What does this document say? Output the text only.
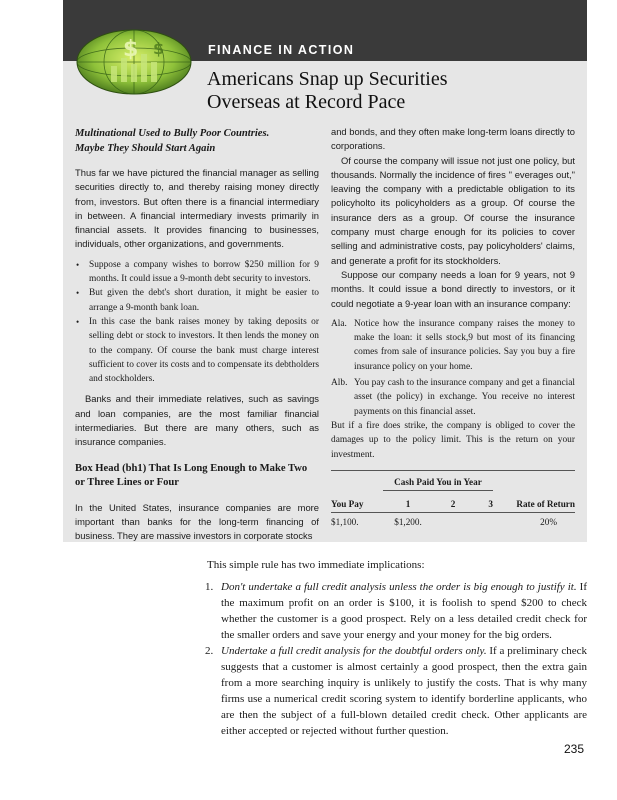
$ $	FINANCE IN ACTION
Americans Snap up Securities
Overseas at Record Pace
Multinational Used to Bully Poor Countries.
Maybe They Should Start Again

Thus far we have pictured the financial manager as selling securities directly to, and thereby raising money directly from, investors. But often there is a financial intermediary in between. A financial intermediary invests primarily in financial assets. It provides financing to businesses, individuals, other organizations, and governments.

• Suppose a company wishes to borrow $250 million for 9 months. It could issue a 9-month debt security to investors.
• But given the debt's short duration, it might be easier to arrange a 9-month bank loan.
• In this case the bank raises money by taking deposits or selling debt or stock to investors. It then lends the money on to the company. Of course the bank must charge interest sufficient to cover its costs and to compensate its debtholders and stockholders.

Banks and their immediate relatives, such as savings and loan companies, are the most familiar financial intermediaries. But there are many others, such as insurance companies.

Box Head (bh1) That Is Long Enough to Make Two or Three Lines or Four

In the United States, insurance companies are more important than banks for the long-term financing of business. They are massive investors in corporate stocks

and bonds, and they often make long-term loans directly to corporations.

Of course the company will issue not just one policy, but thousands. Normally the incidence of fires " everages out," leaving the company with a predictable obligation to its policyholto its policyholders as a group. Of course the insurance ders as a group. Of course the insurance company must charge enough for its policies to cover selling and administrative costs, pay policyholders' claims, and generate a profit for its stockholders.

Suppose our company needs a loan for 9 years, not 9 months. It could issue a bond directly to investors, or it could negotiate a 9-year loan with an insurance company:

Ala. Notice how the insurance company raises the money to make the loan: it sells stock,9 but most of its financing comes from sale of insurance policies. Say you buy a fire insurance policy on your home.
Alb. You pay cash to the insurance company and get a financial asset (the policy) in exchange. You receive no interest payments on this financial asset.

But if a fire does strike, the company is obliged to cover the damages up to the policy limit. This is the return on your investment.

	Cash Paid You in Year			
You Pay	1	2	3	Rate of Return
$1,100.	$1,200.			20%

This simple rule has two immediate implications:

1. Don't undertake a full credit analysis unless the order is big enough to justify it. If the maximum profit on an order is $100, it is foolish to spend $200 to check whether the customer is a good prospect. Rely on a less detailed credit check for the smaller orders and save your energy and your money for the big orders.
2. Undertake a full credit analysis for the doubtful orders only. If a preliminary check suggests that a customer is almost certainly a good prospect, then the extra gain from a more searching inquiry is unlikely to justify the costs. That is why many firms use a numerical credit scoring system to identify borderline applicants, who are then the subject of a full-blown detailed credit check. Other applicants are either accepted or rejected without further question.
235
